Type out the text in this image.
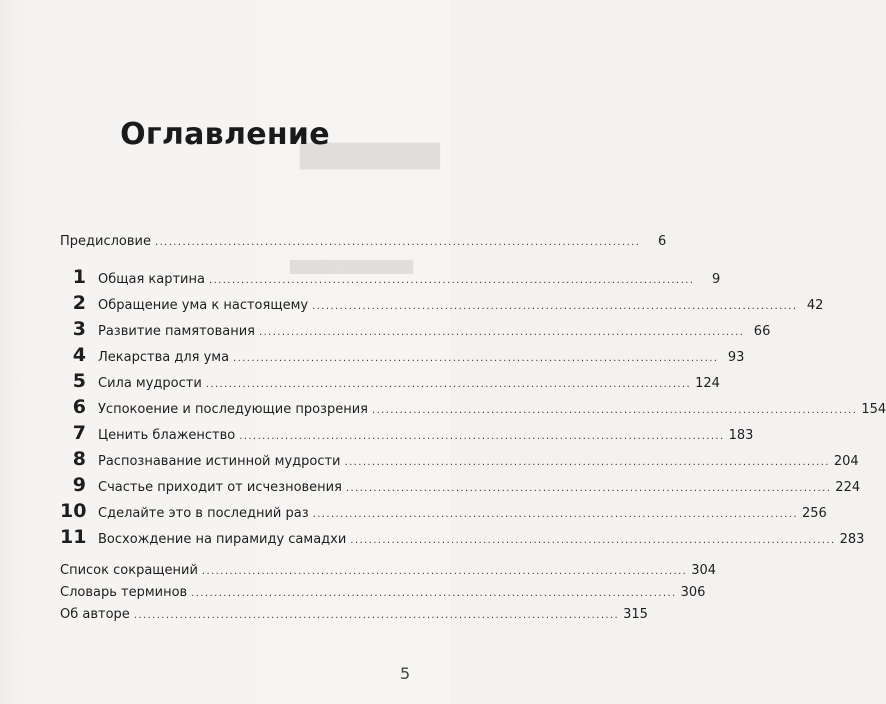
▇▇▇▇▇▇▇
▆▆▆▆▆▆▆▆▆▆
Оглавление
Предисловие ..........................................................................................................	6
1 Общая картина ..........................................................................................................	9
2 Обращение ума к настоящему .......................................................................................................... 42
3 Развитие памятования .......................................................................................................... 66
4 Лекарства для ума .......................................................................................................... 93
5 Сила мудрости .......................................................................................................... 124
6 Успокоение и последующие прозрения .......................................................................................................... 154
7 Ценить блаженство .......................................................................................................... 183
8 Распознавание истинной мудрости .......................................................................................................... 204
9 Счастье приходит от исчезновения .......................................................................................................... 224
10 Сделайте это в последний раз .......................................................................................................... 256
11 Восхождение на пирамиду самадхи .......................................................................................................... 283
Список сокращений .......................................................................................................... 304
Словарь терминов .......................................................................................................... 306
Об авторе .......................................................................................................... 315
5
